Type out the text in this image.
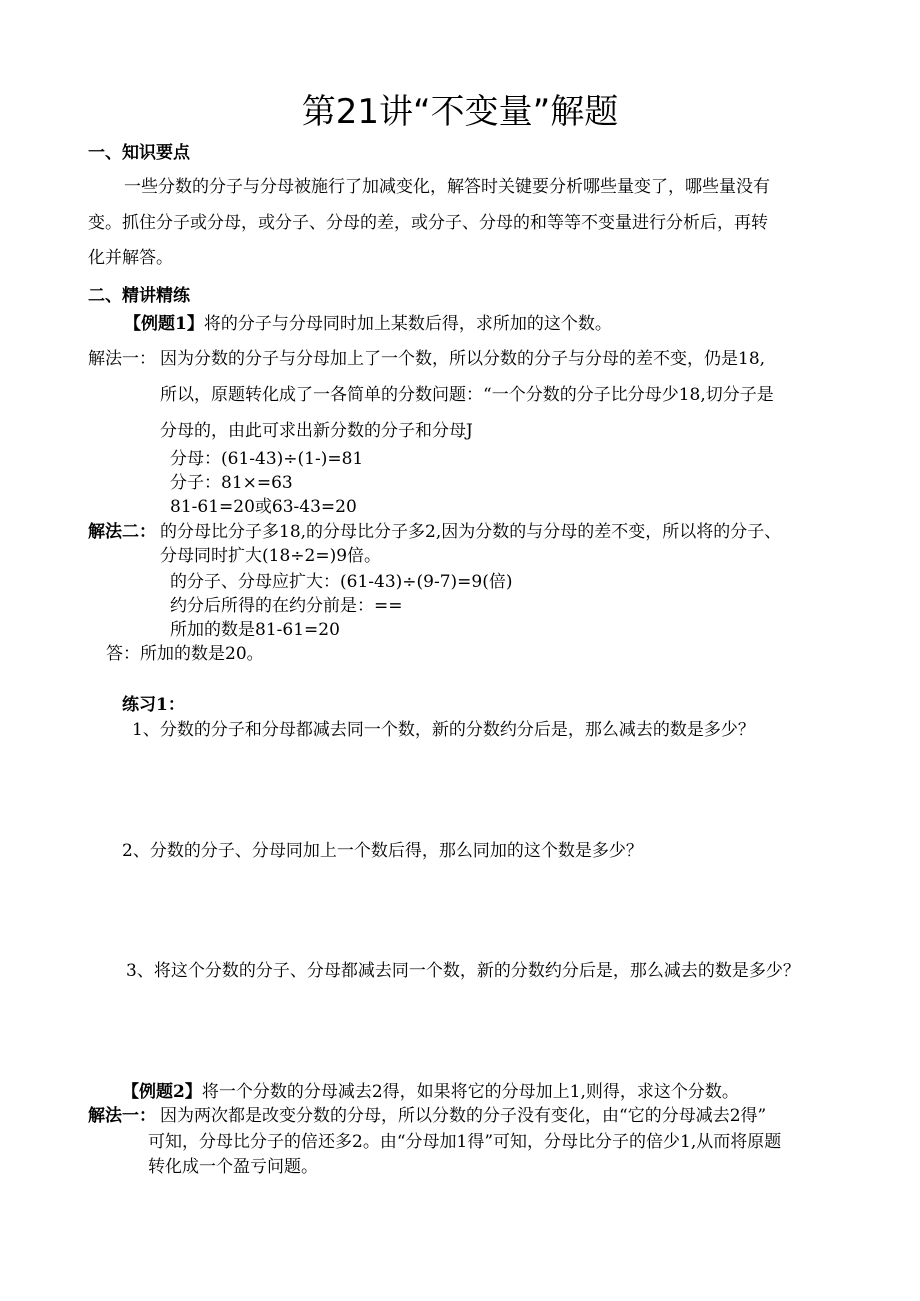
第21讲“不变量”解题
一、知识要点
一些分数的分子与分母被施行了加减变化，解答时关键要分析哪些量变了，哪些量没有
变。抓住分子或分母，或分子、分母的差，或分子、分母的和等等不变量进行分析后，再转
化并解答。
二、精讲精练
【例题1】将的分子与分母同时加上某数后得，求所加的这个数。
解法一： 因为分数的分子与分母加上了一个数，所以分数的分子与分母的差不变，仍是18,
所以，原题转化成了一各简单的分数问题：“一个分数的分子比分母少18,切分子是
分母的，由此可求出新分数的分子和分母J
分母：(61-43)÷(1-)=81
分子：81×=63
81-61=20或63-43=20
解法二： 的分母比分子多18,的分母比分子多2,因为分数的与分母的差不变，所以将的分子、
分母同时扩大(18÷2=)9倍。
的分子、分母应扩大：(61-43)÷(9-7)=9(倍)
约分后所得的在约分前是：==
所加的数是81-61=20
答：所加的数是20。
练习1：
1、分数的分子和分母都减去同一个数，新的分数约分后是，那么减去的数是多少？
2、分数的分子、分母同加上一个数后得，那么同加的这个数是多少？
3、将这个分数的分子、分母都减去同一个数，新的分数约分后是，那么减去的数是多少？
【例题2】将一个分数的分母减去2得，如果将它的分母加上1,则得，求这个分数。
解法一： 因为两次都是改变分数的分母，所以分数的分子没有变化，由“它的分母减去2得”
可知，分母比分子的倍还多2。由“分母加1得”可知，分母比分子的倍少1,从而将原题
转化成一个盈亏问题。
